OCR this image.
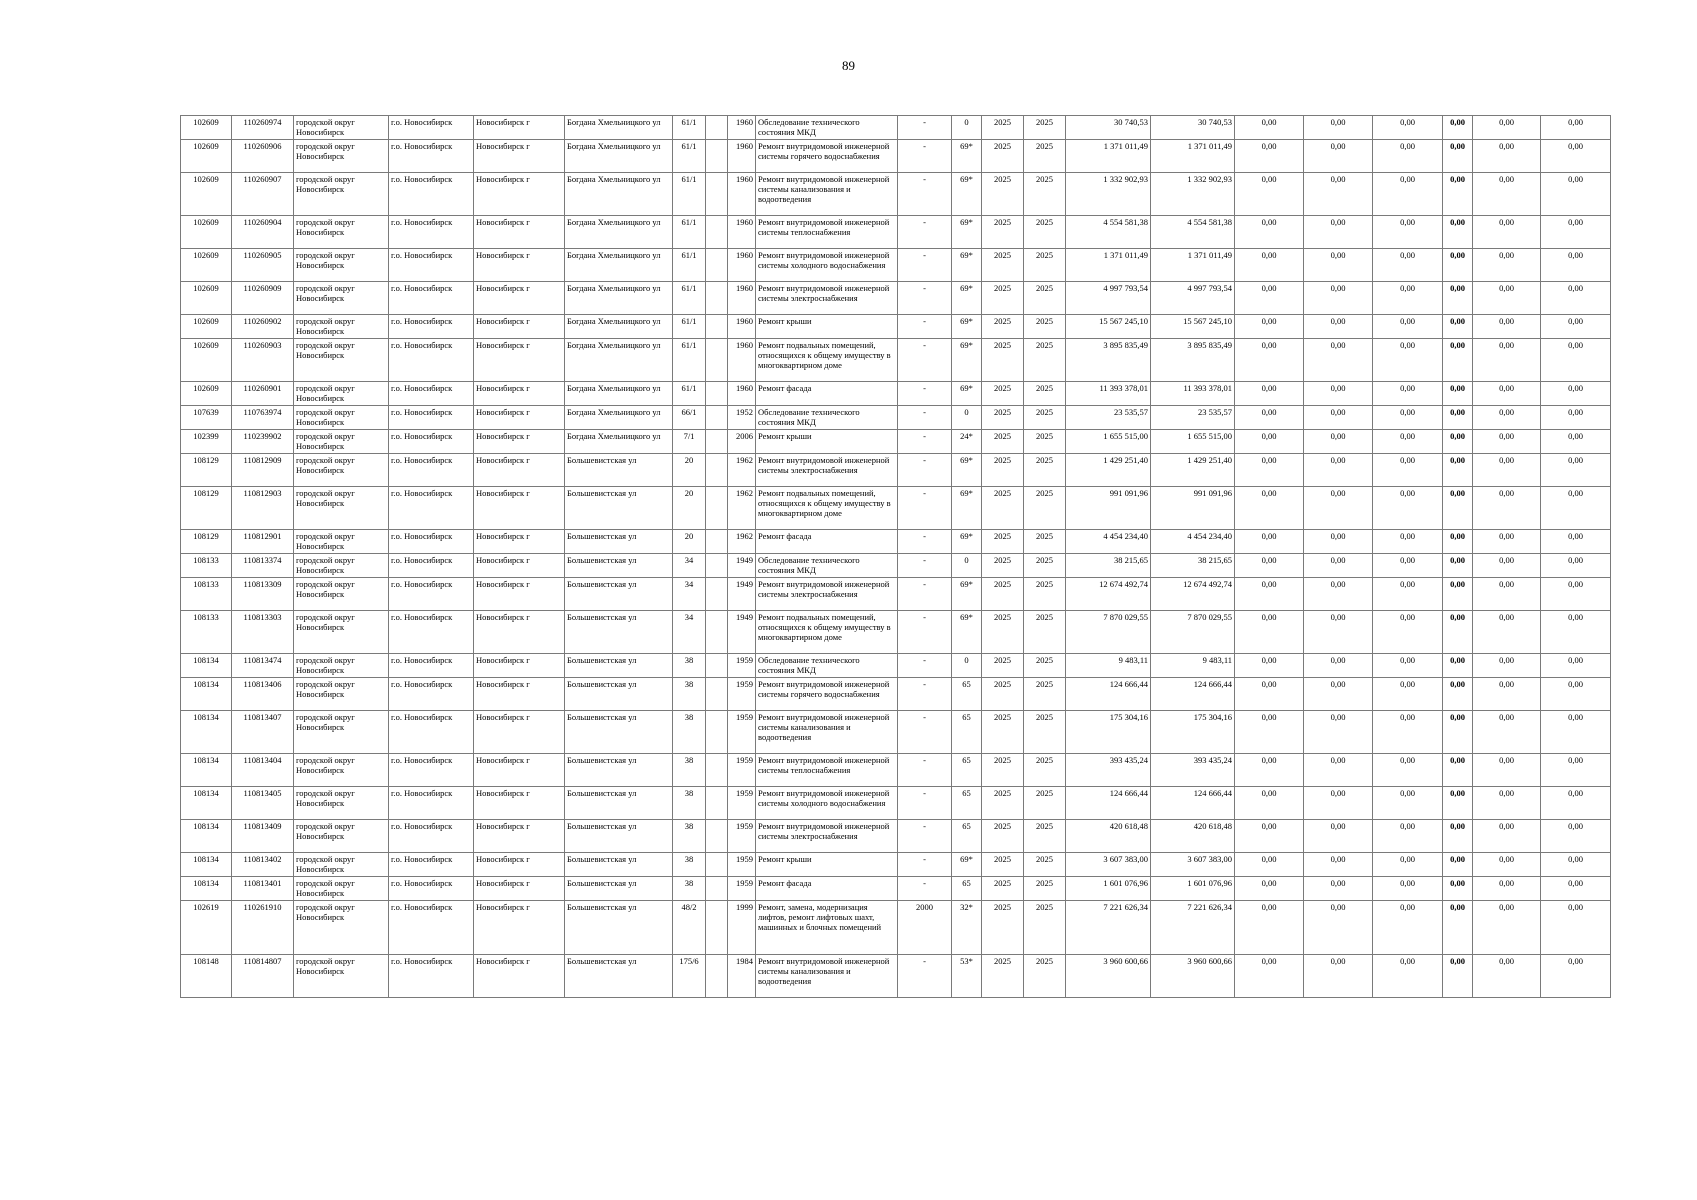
89
102609	110260974	городской округ Новосибирск	г.о. Новосибирск	Новосибирск г	Богдана Хмельницкого ул	61/1		1960	Обследование технического состояния МКД	-	0	2025	2025	30 740,53	30 740,53	0,00	0,00	0,00	0,00	0,00	0,00
102609	110260906	городской округ Новосибирск	г.о. Новосибирск	Новосибирск г	Богдана Хмельницкого ул	61/1		1960	Ремонт внутридомовой инженерной системы горячего водоснабжения	-	69*	2025	2025	1 371 011,49	1 371 011,49	0,00	0,00	0,00	0,00	0,00	0,00
102609	110260907	городской округ Новосибирск	г.о. Новосибирск	Новосибирск г	Богдана Хмельницкого ул	61/1		1960	Ремонт внутридомовой инженерной системы канализования и водоотведения	-	69*	2025	2025	1 332 902,93	1 332 902,93	0,00	0,00	0,00	0,00	0,00	0,00
102609	110260904	городской округ Новосибирск	г.о. Новосибирск	Новосибирск г	Богдана Хмельницкого ул	61/1		1960	Ремонт внутридомовой инженерной системы теплоснабжения	-	69*	2025	2025	4 554 581,38	4 554 581,38	0,00	0,00	0,00	0,00	0,00	0,00
102609	110260905	городской округ Новосибирск	г.о. Новосибирск	Новосибирск г	Богдана Хмельницкого ул	61/1		1960	Ремонт внутридомовой инженерной системы холодного водоснабжения	-	69*	2025	2025	1 371 011,49	1 371 011,49	0,00	0,00	0,00	0,00	0,00	0,00
102609	110260909	городской округ Новосибирск	г.о. Новосибирск	Новосибирск г	Богдана Хмельницкого ул	61/1		1960	Ремонт внутридомовой инженерной системы электроснабжения	-	69*	2025	2025	4 997 793,54	4 997 793,54	0,00	0,00	0,00	0,00	0,00	0,00
102609	110260902	городской округ Новосибирск	г.о. Новосибирск	Новосибирск г	Богдана Хмельницкого ул	61/1		1960	Ремонт крыши	-	69*	2025	2025	15 567 245,10	15 567 245,10	0,00	0,00	0,00	0,00	0,00	0,00
102609	110260903	городской округ Новосибирск	г.о. Новосибирск	Новосибирск г	Богдана Хмельницкого ул	61/1		1960	Ремонт подвальных помещений, относящихся к общему имуществу в многоквартирном доме	-	69*	2025	2025	3 895 835,49	3 895 835,49	0,00	0,00	0,00	0,00	0,00	0,00
102609	110260901	городской округ Новосибирск	г.о. Новосибирск	Новосибирск г	Богдана Хмельницкого ул	61/1		1960	Ремонт фасада	-	69*	2025	2025	11 393 378,01	11 393 378,01	0,00	0,00	0,00	0,00	0,00	0,00
107639	110763974	городской округ Новосибирск	г.о. Новосибирск	Новосибирск г	Богдана Хмельницкого ул	66/1		1952	Обследование технического состояния МКД	-	0	2025	2025	23 535,57	23 535,57	0,00	0,00	0,00	0,00	0,00	0,00
102399	110239902	городской округ Новосибирск	г.о. Новосибирск	Новосибирск г	Богдана Хмельницкого ул	7/1		2006	Ремонт крыши	-	24*	2025	2025	1 655 515,00	1 655 515,00	0,00	0,00	0,00	0,00	0,00	0,00
108129	110812909	городской округ Новосибирск	г.о. Новосибирск	Новосибирск г	Большевистская ул	20		1962	Ремонт внутридомовой инженерной системы электроснабжения	-	69*	2025	2025	1 429 251,40	1 429 251,40	0,00	0,00	0,00	0,00	0,00	0,00
108129	110812903	городской округ Новосибирск	г.о. Новосибирск	Новосибирск г	Большевистская ул	20		1962	Ремонт подвальных помещений, относящихся к общему имуществу в многоквартирном доме	-	69*	2025	2025	991 091,96	991 091,96	0,00	0,00	0,00	0,00	0,00	0,00
108129	110812901	городской округ Новосибирск	г.о. Новосибирск	Новосибирск г	Большевистская ул	20		1962	Ремонт фасада	-	69*	2025	2025	4 454 234,40	4 454 234,40	0,00	0,00	0,00	0,00	0,00	0,00
108133	110813374	городской округ Новосибирск	г.о. Новосибирск	Новосибирск г	Большевистская ул	34		1949	Обследование технического состояния МКД	-	0	2025	2025	38 215,65	38 215,65	0,00	0,00	0,00	0,00	0,00	0,00
108133	110813309	городской округ Новосибирск	г.о. Новосибирск	Новосибирск г	Большевистская ул	34		1949	Ремонт внутридомовой инженерной системы электроснабжения	-	69*	2025	2025	12 674 492,74	12 674 492,74	0,00	0,00	0,00	0,00	0,00	0,00
108133	110813303	городской округ Новосибирск	г.о. Новосибирск	Новосибирск г	Большевистская ул	34		1949	Ремонт подвальных помещений, относящихся к общему имуществу в многоквартирном доме	-	69*	2025	2025	7 870 029,55	7 870 029,55	0,00	0,00	0,00	0,00	0,00	0,00
108134	110813474	городской округ Новосибирск	г.о. Новосибирск	Новосибирск г	Большевистская ул	38		1959	Обследование технического состояния МКД	-	0	2025	2025	9 483,11	9 483,11	0,00	0,00	0,00	0,00	0,00	0,00
108134	110813406	городской округ Новосибирск	г.о. Новосибирск	Новосибирск г	Большевистская ул	38		1959	Ремонт внутридомовой инженерной системы горячего водоснабжения	-	65	2025	2025	124 666,44	124 666,44	0,00	0,00	0,00	0,00	0,00	0,00
108134	110813407	городской округ Новосибирск	г.о. Новосибирск	Новосибирск г	Большевистская ул	38		1959	Ремонт внутридомовой инженерной системы канализования и водоотведения	-	65	2025	2025	175 304,16	175 304,16	0,00	0,00	0,00	0,00	0,00	0,00
108134	110813404	городской округ Новосибирск	г.о. Новосибирск	Новосибирск г	Большевистская ул	38		1959	Ремонт внутридомовой инженерной системы теплоснабжения	-	65	2025	2025	393 435,24	393 435,24	0,00	0,00	0,00	0,00	0,00	0,00
108134	110813405	городской округ Новосибирск	г.о. Новосибирск	Новосибирск г	Большевистская ул	38		1959	Ремонт внутридомовой инженерной системы холодного водоснабжения	-	65	2025	2025	124 666,44	124 666,44	0,00	0,00	0,00	0,00	0,00	0,00
108134	110813409	городской округ Новосибирск	г.о. Новосибирск	Новосибирск г	Большевистская ул	38		1959	Ремонт внутридомовой инженерной системы электроснабжения	-	65	2025	2025	420 618,48	420 618,48	0,00	0,00	0,00	0,00	0,00	0,00
108134	110813402	городской округ Новосибирск	г.о. Новосибирск	Новосибирск г	Большевистская ул	38		1959	Ремонт крыши	-	69*	2025	2025	3 607 383,00	3 607 383,00	0,00	0,00	0,00	0,00	0,00	0,00
108134	110813401	городской округ Новосибирск	г.о. Новосибирск	Новосибирск г	Большевистская ул	38		1959	Ремонт фасада	-	65	2025	2025	1 601 076,96	1 601 076,96	0,00	0,00	0,00	0,00	0,00	0,00
102619	110261910	городской округ Новосибирск	г.о. Новосибирск	Новосибирск г	Большевистская ул	48/2		1999	Ремонт, замена, модернизация лифтов, ремонт лифтовых шахт, машинных и блочных помещений	2000	32*	2025	2025	7 221 626,34	7 221 626,34	0,00	0,00	0,00	0,00	0,00	0,00
108148	110814807	городской округ Новосибирск	г.о. Новосибирск	Новосибирск г	Большевистская ул	175/6		1984	Ремонт внутридомовой инженерной системы канализования и водоотведения	-	53*	2025	2025	3 960 600,66	3 960 600,66	0,00	0,00	0,00	0,00	0,00	0,00
